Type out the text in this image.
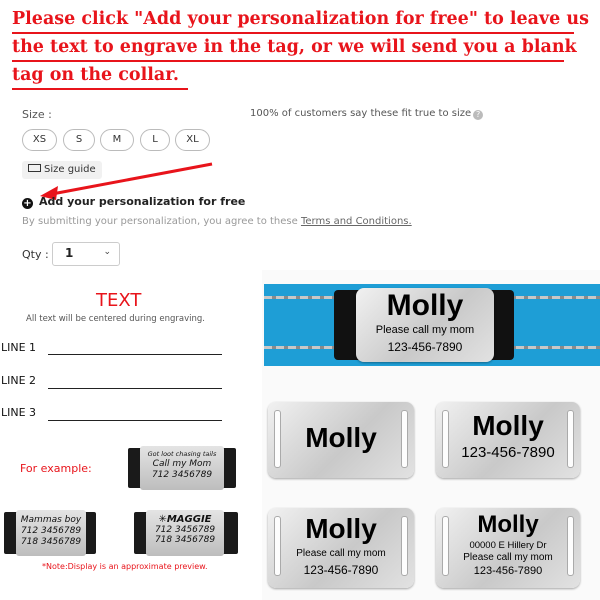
Please click "Add your personalization for free" to leave us
the text to engrave in the tag, or we will send you a blank
tag on the collar.
Size :	100% of customers say these fit true to size ?
XS	S	M	L	XL
Size guide
+ Add your personalization for free
By submitting your personalization, you agree to these Terms and Conditions.
Qty : 1	⌄
TEXT
All text will be centered during engraving.
LINE 1
LINE 2
LINE 3
For example:
Got loot chasing tails
Call my Mom
712 3456789
Mammas boy
712 3456789
718 3456789
✳MAGGIE
712 3456789
718 3456789
*Note:Display is an approximate preview.
Molly
Please call my mom
123-456-7890
Molly	Molly
123-456-7890
Molly
Please call my mom
123-456-7890
Molly
00000 E Hillery Dr
Please call my mom
123-456-7890
